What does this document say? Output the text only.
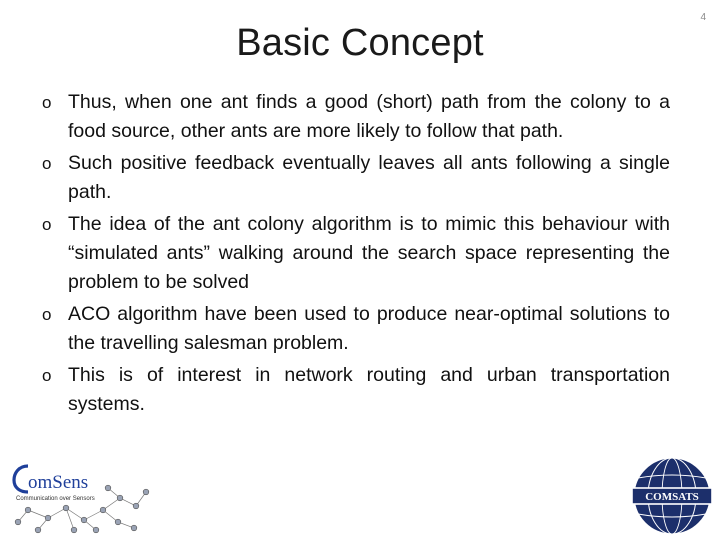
4
Basic Concept
o Thus, when one ant finds a good (short) path from the colony to a food source, other ants are more likely to follow that path.
o Such positive feedback eventually leaves all ants following a single path.
o The idea of the ant colony algorithm is to mimic this behaviour with “simulated ants” walking around the search space representing the problem to be solved
o ACO algorithm have been used to produce near-optimal solutions to the travelling salesman problem.
o This is of interest in network routing and urban transportation systems.
omSens
Communication over Sensors	COMSATS
